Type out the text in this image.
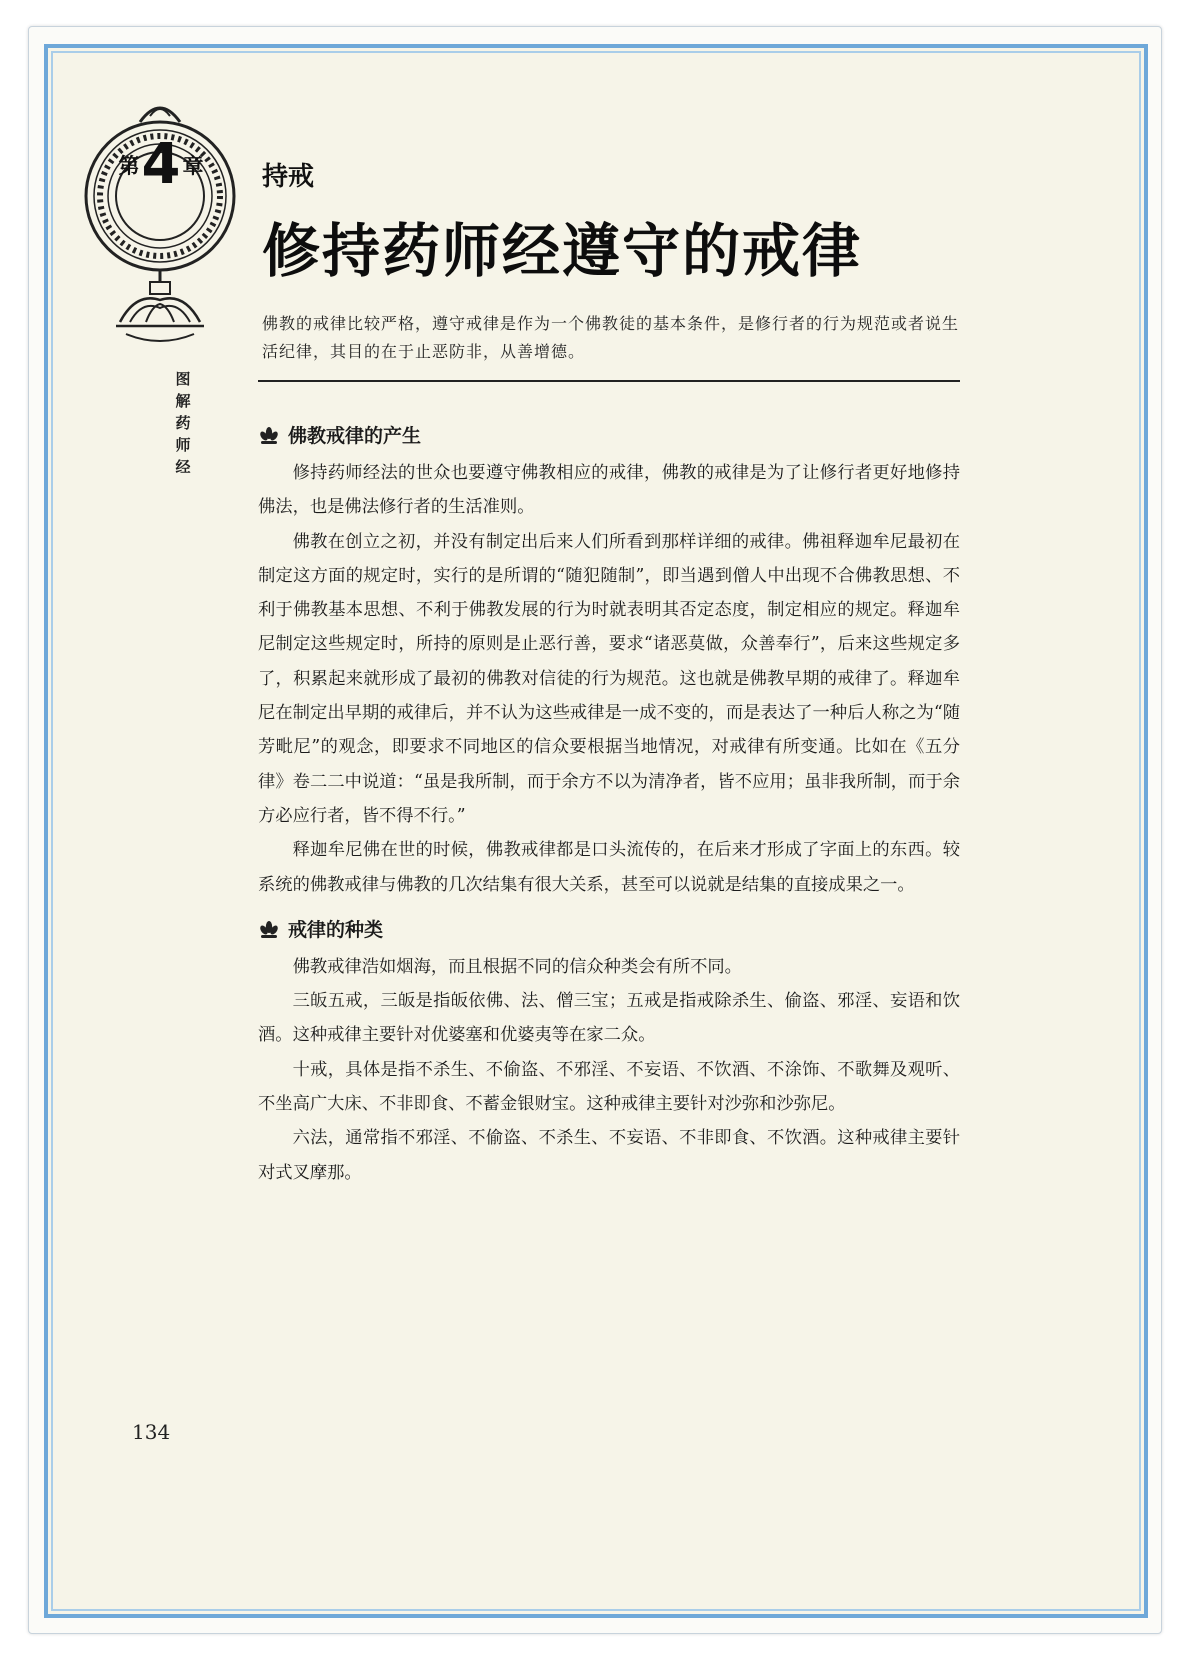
第 4 章
图解药师经
持戒
修持药师经遵守的戒律
佛教的戒律比较严格，遵守戒律是作为一个佛教徒的基本条件，是修行者的行为规范或者说生活纪律，其目的在于止恶防非，从善增德。
佛教戒律的产生

修持药师经法的世众也要遵守佛教相应的戒律，佛教的戒律是为了让修行者更好地修持佛法，也是佛法修行者的生活准则。

佛教在创立之初，并没有制定出后来人们所看到那样详细的戒律。佛祖释迦牟尼最初在制定这方面的规定时，实行的是所谓的“随犯随制”，即当遇到僧人中出现不合佛教思想、不利于佛教基本思想、不利于佛教发展的行为时就表明其否定态度，制定相应的规定。释迦牟尼制定这些规定时，所持的原则是止恶行善，要求“诸恶莫做，众善奉行”，后来这些规定多了，积累起来就形成了最初的佛教对信徒的行为规范。这也就是佛教早期的戒律了。释迦牟尼在制定出早期的戒律后，并不认为这些戒律是一成不变的，而是表达了一种后人称之为“随芳毗尼”的观念，即要求不同地区的信众要根据当地情况，对戒律有所变通。比如在《五分律》卷二二中说道：“虽是我所制，而于余方不以为清净者，皆不应用；虽非我所制，而于余方必应行者，皆不得不行。”

释迦牟尼佛在世的时候，佛教戒律都是口头流传的，在后来才形成了字面上的东西。较系统的佛教戒律与佛教的几次结集有很大关系，甚至可以说就是结集的直接成果之一。

戒律的种类

佛教戒律浩如烟海，而且根据不同的信众种类会有所不同。

三皈五戒，三皈是指皈依佛、法、僧三宝；五戒是指戒除杀生、偷盗、邪淫、妄语和饮酒。这种戒律主要针对优婆塞和优婆夷等在家二众。

十戒，具体是指不杀生、不偷盗、不邪淫、不妄语、不饮酒、不涂饰、不歌舞及观听、不坐高广大床、不非即食、不蓄金银财宝。这种戒律主要针对沙弥和沙弥尼。

六法，通常指不邪淫、不偷盗、不杀生、不妄语、不非即食、不饮酒。这种戒律主要针对式叉摩那。

134
